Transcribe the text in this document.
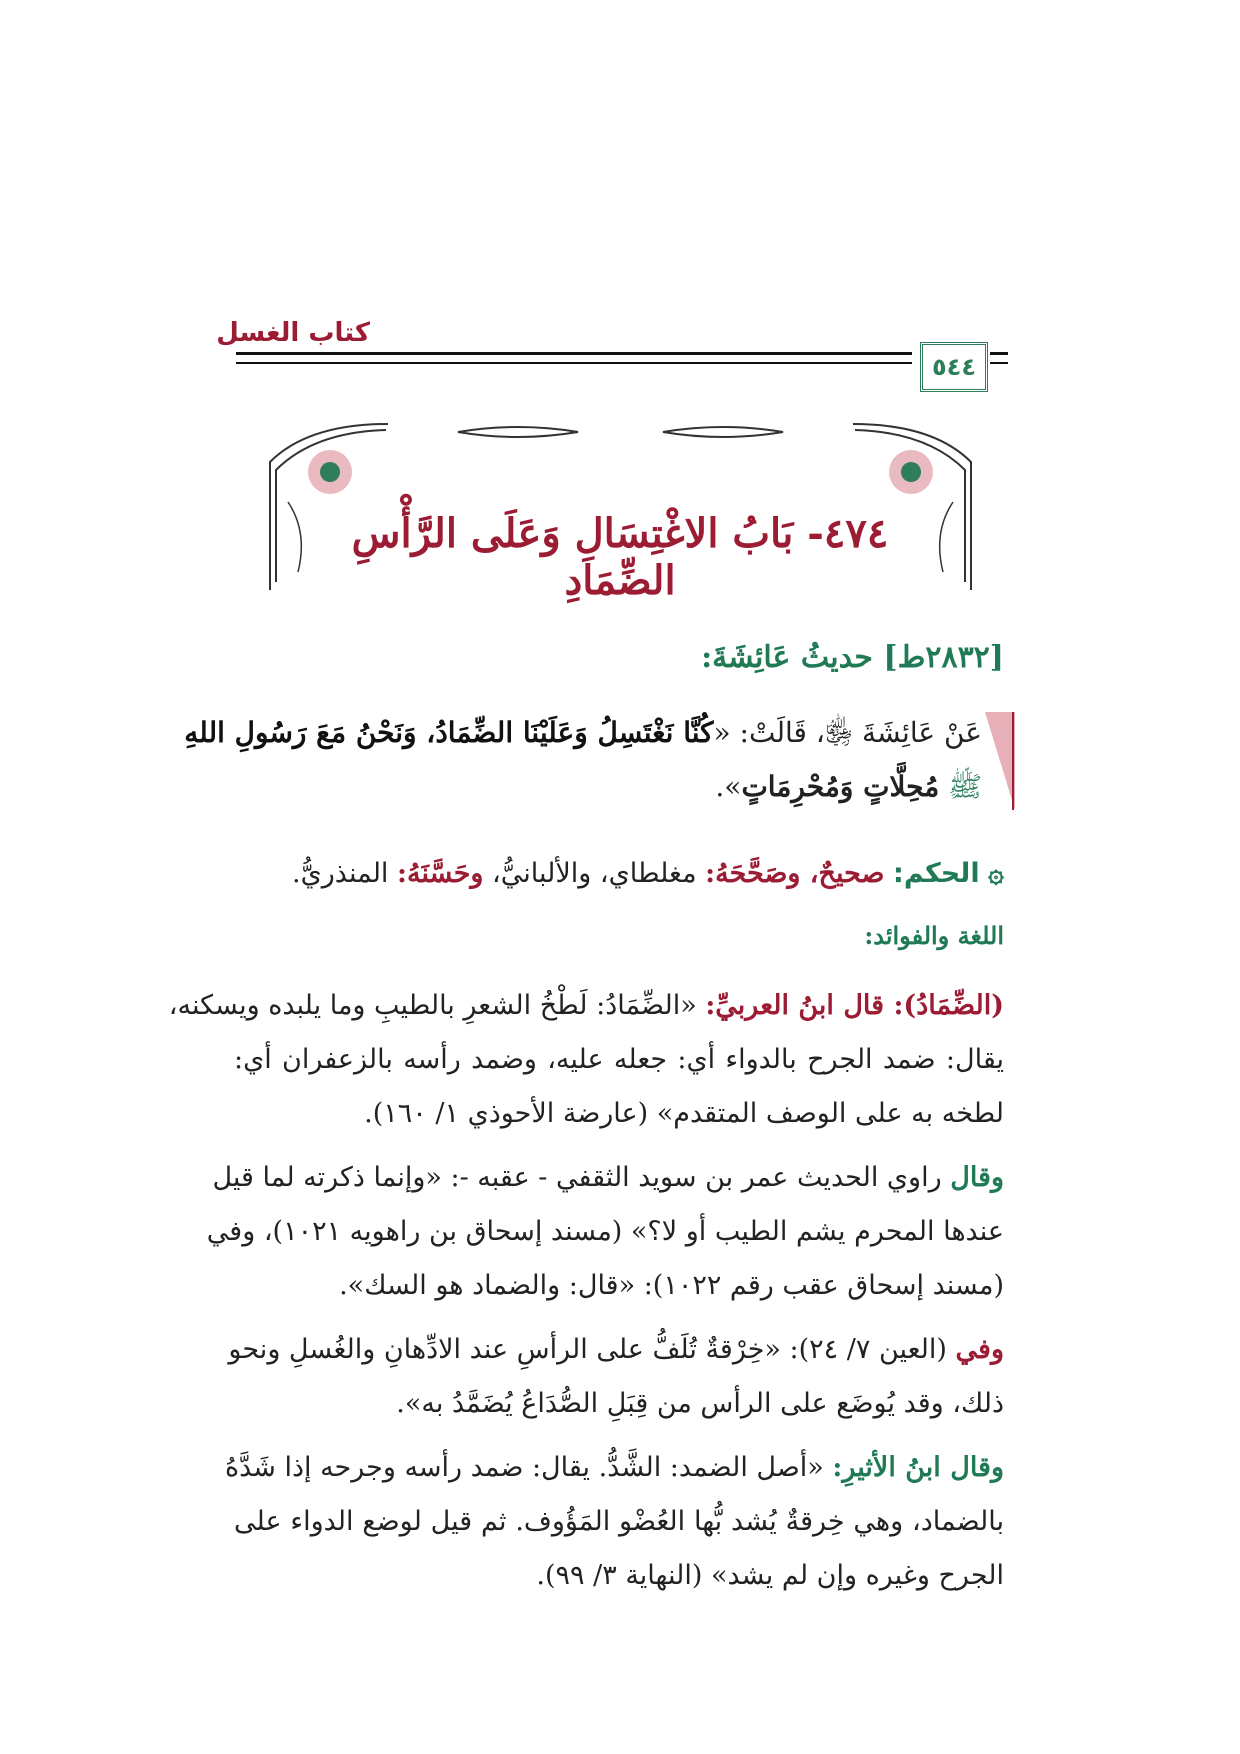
كتاب الغسل
٥٤٤
٤٧٤- بَابُ الاغْتِسَالِ وَعَلَى الرَّأْسِ الضِّمَادِ
[٢٨٣٢ط] حديثُ عَائِشَةَ:
عَنْ عَائِشَةَ ﵂، قَالَتْ: «كُنَّا نَغْتَسِلُ وَعَلَيْنَا الضِّمَادُ، وَنَحْنُ مَعَ رَسُولِ اللهِ
ﷺ مُحِلَّاتٍ وَمُحْرِمَاتٍ».
۞ الحكم: صحيحٌ، وصَحَّحَهُ: مغلطاي، والألبانيُّ، وحَسَّنَهُ: المنذريُّ.
اللغة والفوائد:
(الضِّمَادُ): قال ابنُ العربيِّ: «الضِّمَادُ: لَطْخُ الشعرِ بالطيبِ وما يلبده ويسكنه،
يقال: ضمد الجرح بالدواء أي: جعله عليه، وضمد رأسه بالزعفران أي:
لطخه به على الوصف المتقدم» (عارضة الأحوذي ١/ ١٦٠).
وقال راوي الحديث عمر بن سويد الثقفي - عقبه -: «وإنما ذكرته لما قيل
عندها المحرم يشم الطيب أو لا؟» (مسند إسحاق بن راهويه ١٠٢١)، وفي
(مسند إسحاق عقب رقم ١٠٢٢): «قال: والضماد هو السك».
وفي (العين ٧/ ٢٤): «خِرْقةٌ تُلَفُّ على الرأسِ عند الادِّهانِ والغُسلِ ونحو
ذلك، وقد يُوضَع على الرأس من قِبَلِ الصُّدَاعُ يُضَمَّدُ به».
وقال ابنُ الأثيرِ: «أصل الضمد: الشَّدُّ. يقال: ضمد رأسه وجرحه إذا شَدَّهُ
بالضماد، وهي خِرقةٌ يُشد بُّها العُضْو المَؤُوف. ثم قيل لوضع الدواء على
الجرح وغيره وإن لم يشد» (النهاية ٣/ ٩٩).
